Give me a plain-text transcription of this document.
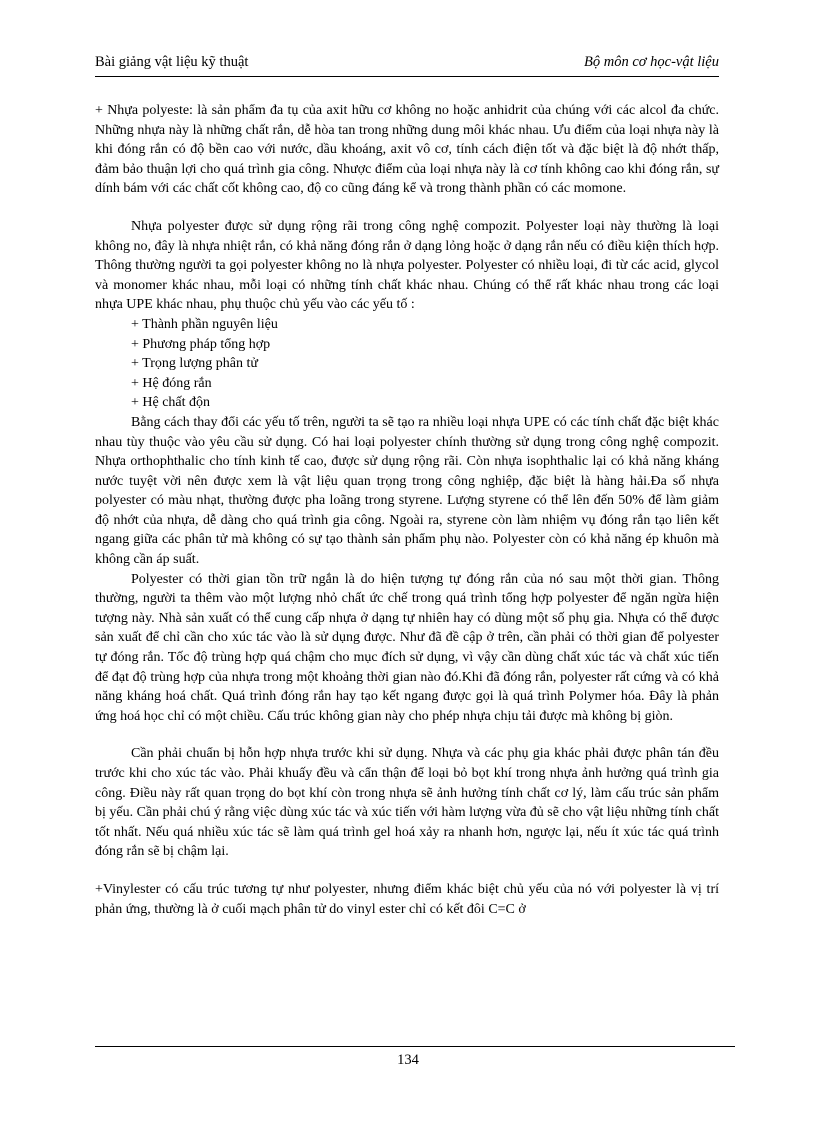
Bài giảng vật liệu kỹ thuật	Bộ môn cơ học-vật liệu

+ Nhựa polyeste: là sản phẩm đa tụ của axit hữu cơ không no hoặc anhidrit của chúng với các alcol đa chức. Những nhựa này là những chất rắn, dễ hòa tan trong những dung môi khác nhau. Ưu điểm của loại nhựa này là khi đóng rắn có độ bền cao với nước, dầu khoáng, axit vô cơ, tính cách điện tốt và đặc biệt là độ nhớt thấp, đảm bảo thuận lợi cho quá trình gia công. Nhược điểm của loại nhựa này là cơ tính không cao khi đóng rắn, sự dính bám với các chất cốt không cao, độ co cũng đáng kể và trong thành phần có các momone.

Nhựa polyester được sử dụng rộng rãi trong công nghệ compozit. Polyester loại này thường là loại không no, đây là nhựa nhiệt rắn, có khả năng đóng rắn ở dạng lỏng hoặc ở dạng rắn nếu có điều kiện thích hợp. Thông thường người ta gọi polyester không no là nhựa polyester. Polyester có nhiều loại, đi từ các acid, glycol và monomer khác nhau, mỗi loại có những tính chất khác nhau. Chúng có thể rất khác nhau trong các loại nhựa UPE khác nhau, phụ thuộc chủ yếu vào các yếu tố :

+ Thành phần nguyên liệu
+ Phương pháp tổng hợp
+ Trọng lượng phân tử
+ Hệ đóng rắn
+ Hệ chất độn

Bằng cách thay đổi các yếu tố trên, người ta sẽ tạo ra nhiều loại nhựa UPE có các tính chất đặc biệt khác nhau tùy thuộc vào yêu cầu sử dụng. Có hai loại polyester chính thường sử dụng trong công nghệ compozit. Nhựa orthophthalic cho tính kinh tế cao, được sử dụng rộng rãi. Còn nhựa isophthalic lại có khả năng kháng nước tuyệt vời nên được xem là vật liệu quan trọng trong công nghiệp, đặc biệt là hàng hải.Đa số nhựa polyester có màu nhạt, thường được pha loãng trong styrene. Lượng styrene có thể lên đến 50% để làm giảm độ nhớt của nhựa, dễ dàng cho quá trình gia công. Ngoài ra, styrene còn làm nhiệm vụ đóng rắn tạo liên kết ngang giữa các phân tử mà không có sự tạo thành sản phẩm phụ nào. Polyester còn có khả năng ép khuôn mà không cần áp suất.

Polyester có thời gian tồn trữ ngắn là do hiện tượng tự đóng rắn của nó sau một thời gian. Thông thường, người ta thêm vào một lượng nhỏ chất ức chế trong quá trình tổng hợp polyester để ngăn ngừa hiện tượng này. Nhà sản xuất có thể cung cấp nhựa ở dạng tự nhiên hay có dùng một số phụ gia. Nhựa có thể được sản xuất để chỉ cần cho xúc tác vào là sử dụng được. Như đã đề cập ở trên, cần phải có thời gian để polyester tự đóng rắn. Tốc độ trùng hợp quá chậm cho mục đích sử dụng, vì vậy cần dùng chất xúc tác và chất xúc tiến để đạt độ trùng hợp của nhựa trong một khoảng thời gian nào đó.Khi đã đóng rắn, polyester rất cứng và có khả năng kháng hoá chất. Quá trình đóng rắn hay tạo kết ngang được gọi là quá trình Polymer hóa. Đây là phản ứng hoá học chỉ có một chiều. Cấu trúc không gian này cho phép nhựa chịu tải được mà không bị giòn.

Cần phải chuẩn bị hỗn hợp nhựa trước khi sử dụng. Nhựa và các phụ gia khác phải được phân tán đều trước khi cho xúc tác vào. Phải khuấy đều và cẩn thận để loại bỏ bọt khí trong nhựa ảnh hưởng quá trình gia công. Điều này rất quan trọng do bọt khí còn trong nhựa sẽ ảnh hưởng tính chất cơ lý, làm cấu trúc sản phẩm bị yếu. Cần phải chú ý rằng việc dùng xúc tác và xúc tiến với hàm lượng vừa đủ sẽ cho vật liệu những tính chất tốt nhất. Nếu quá nhiều xúc tác sẽ làm quá trình gel hoá xảy ra nhanh hơn, ngược lại, nếu ít xúc tác quá trình đóng rắn sẽ bị chậm lại.

+Vinylester có cấu trúc tương tự như polyester, nhưng điểm khác biệt chủ yếu của nó với polyester là vị trí phản ứng, thường là ở cuối mạch phân tử do vinyl ester chỉ có kết đôi C=C ở

134
